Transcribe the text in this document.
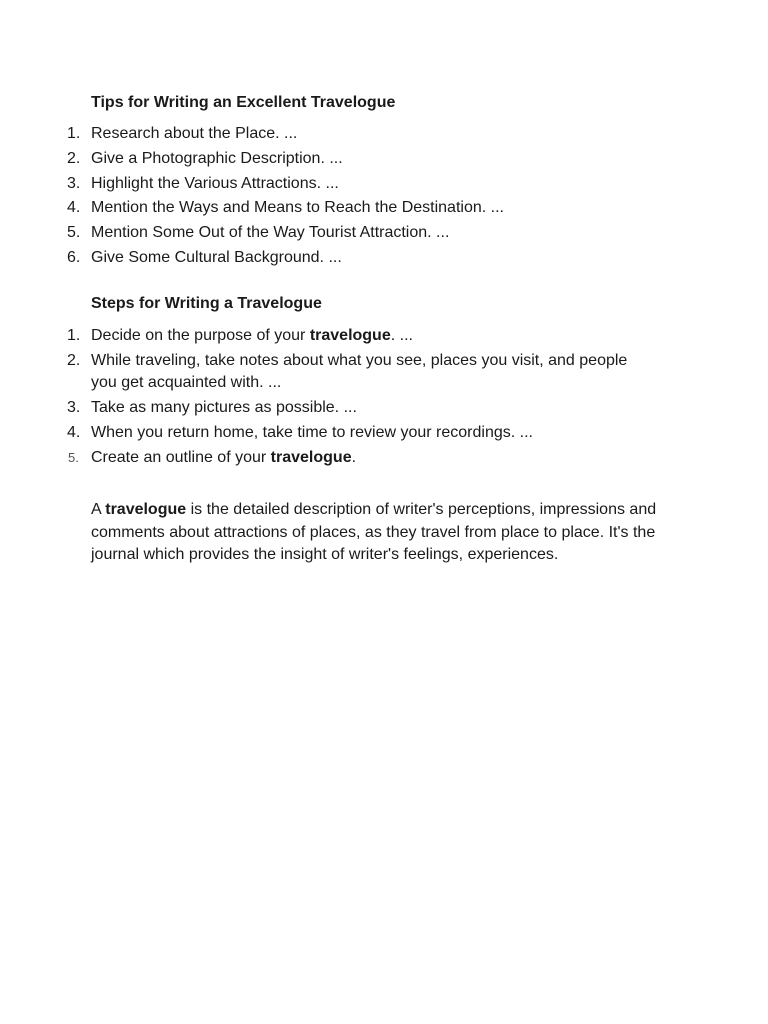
Tips for Writing an Excellent Travelogue
1. Research about the Place. ...
2. Give a Photographic Description. ...
3. Highlight the Various Attractions. ...
4. Mention the Ways and Means to Reach the Destination. ...
5. Mention Some Out of the Way Tourist Attraction. ...
6. Give Some Cultural Background. ...
Steps for Writing a Travelogue
1. Decide on the purpose of your travelogue. ...
2. While traveling, take notes about what you see, places you visit, and people you get acquainted with. ...
3. Take as many pictures as possible. ...
4. When you return home, take time to review your recordings. ...
5. Create an outline of your travelogue.

A travelogue is the detailed description of writer's perceptions, impressions and comments about attractions of places, as they travel from place to place. It's the journal which provides the insight of writer's feelings, experiences.
